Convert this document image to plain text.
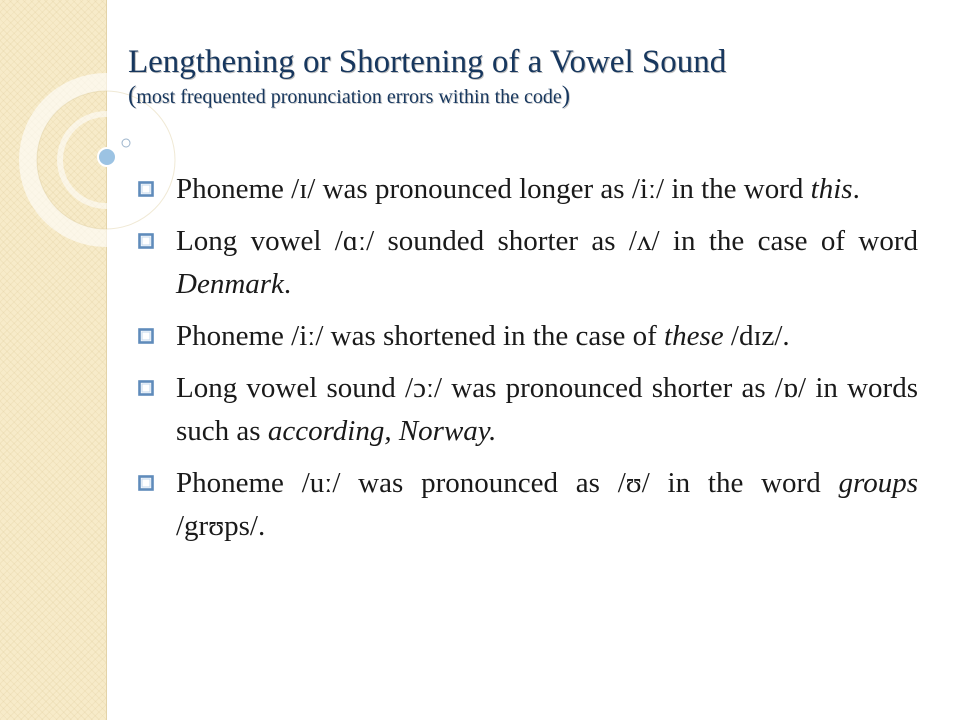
Lengthening or Shortening of a Vowel Sound
(most frequented pronunciation errors within the code)
Phoneme /ɪ/ was pronounced longer as /iː/ in the word this.
Long vowel /ɑː/ sounded shorter as /ʌ/ in the case of word Denmark.
Phoneme /iː/ was shortened in the case of these /dɪz/.
Long vowel sound /ɔː/ was pronounced shorter as /ɒ/ in words such as according, Norway.
Phoneme /uː/ was pronounced as /ʊ/ in the word groups /grʊps/.
